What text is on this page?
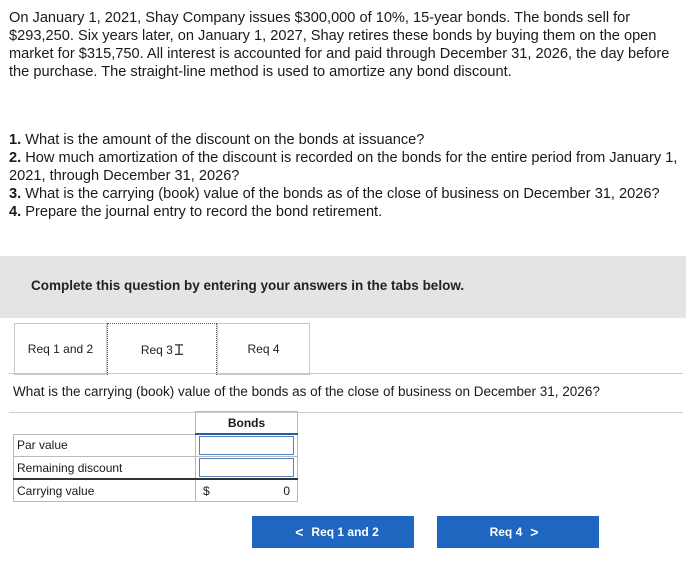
On January 1, 2021, Shay Company issues $300,000 of 10%, 15-year bonds. The bonds sell for $293,250. Six years later, on January 1, 2027, Shay retires these bonds by buying them on the open market for $315,750. All interest is accounted for and paid through December 31, 2026, the day before the purchase. The straight-line method is used to amortize any bond discount.
1. What is the amount of the discount on the bonds at issuance?
2. How much amortization of the discount is recorded on the bonds for the entire period from January 1, 2021, through December 31, 2026?
3. What is the carrying (book) value of the bonds as of the close of business on December 31, 2026?
4. Prepare the journal entry to record the bond retirement.
Complete this question by entering your answers in the tabs below.
Req 1 and 2	Req 3 Ɪ	Req 4
What is the carrying (book) value of the bonds as of the close of business on December 31, 2026?
	Bonds
Par value	

Remaining discount	

Carrying value	$ 0
< Req 1 and 2	Req 4 >
